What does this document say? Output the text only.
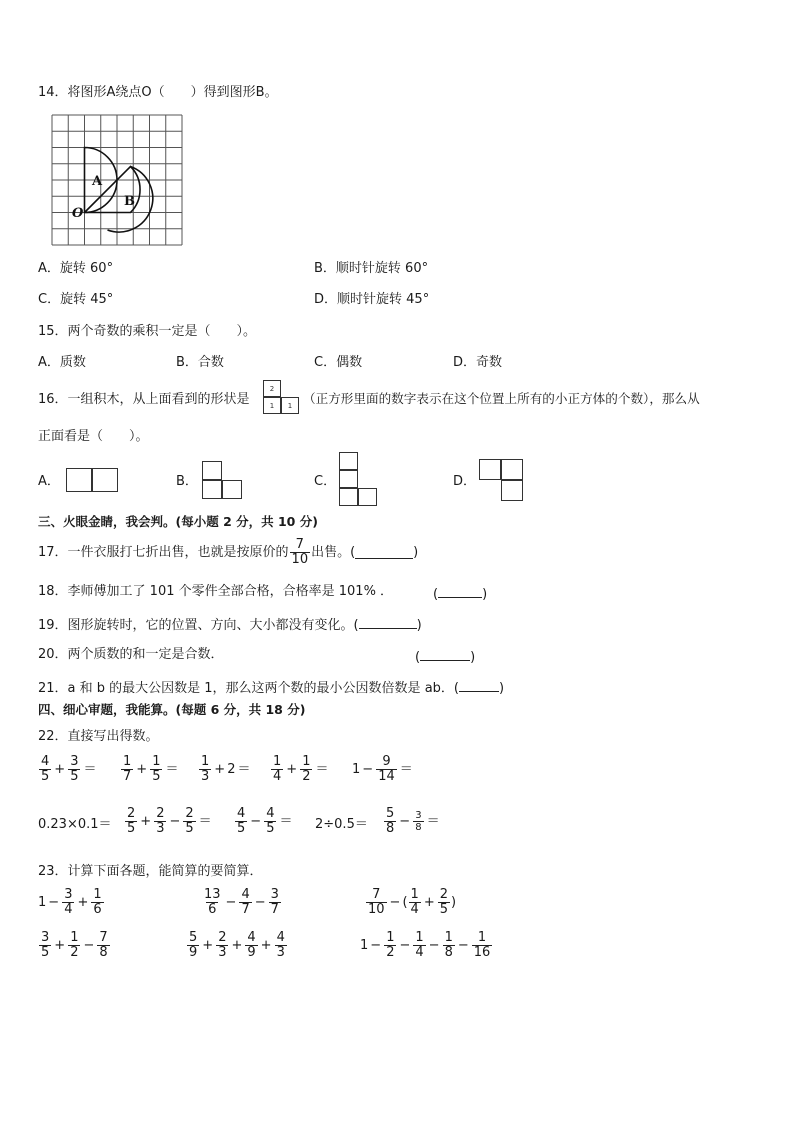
14．将图形A绕点O（　　）得到图形B。
A
B
O
A．旋转 60°	B．顺时针旋转 60°
C．旋转 45°	D．顺时针旋转 45°
15．两个奇数的乘积一定是（　　）。
A．质数	B．合数	C．偶数	D．奇数
16．一组积木，从上面看到的形状是
2
1	1 （正方形里面的数字表示在这个位置上所有的小正方体的个数），那么从
正面看是（　　）。
A．	B．	C．	D．
三、火眼金睛，我会判。(每小题 2 分，共 10 分)
17．一件衣服打七折出售，也就是按原价的 $\frac{7}{10}$ 出售。(	)
18．李师傅加工了 101 个零件全部合格，合格率是 101% ．	(	)
19．图形旋转时，它的位置、方向、大小都没有变化。(	)
20．两个质数的和一定是合数．	(	)
21．a 和 b 的最大公因数是 1，那么这两个数的最小公因数倍数是 ab．(	)
四、细心审题，我能算。(每题 6 分，共 18 分)
22．直接写出得数。
$\frac{4}{5} + \frac{3}{5} = \frac{1}{7} + \frac{1}{5} = \frac{1}{3} + 2 = \frac{1}{4} + \frac{1}{2} = 1 - \frac{9}{14}$ ＝
$0.23\times 0.1= \frac{2}{5} + \frac{2}{3} - \frac{2}{5} = \frac{4}{5} - \frac{4}{5} = 2\div 0.5= \frac{5}{8} - \frac{3}{8}$ ＝
23．计算下面各题，能简算的要简算．
$1 - \frac{3}{4} + \frac{1}{6}$	$\frac{13}{6} - \frac{4}{7} - \frac{3}{7}$	$\frac{7}{10}$ − ( $\frac{1}{4} + \frac{2}{5}$ )
$\frac{3}{5} + \frac{1}{2} - \frac{7}{8}$	$\frac{5}{9} + \frac{2}{3} + \frac{4}{9} + \frac{4}{3}$	$1 - \frac{1}{2} - \frac{1}{4} - \frac{1}{8} - \frac{1}{16}$
